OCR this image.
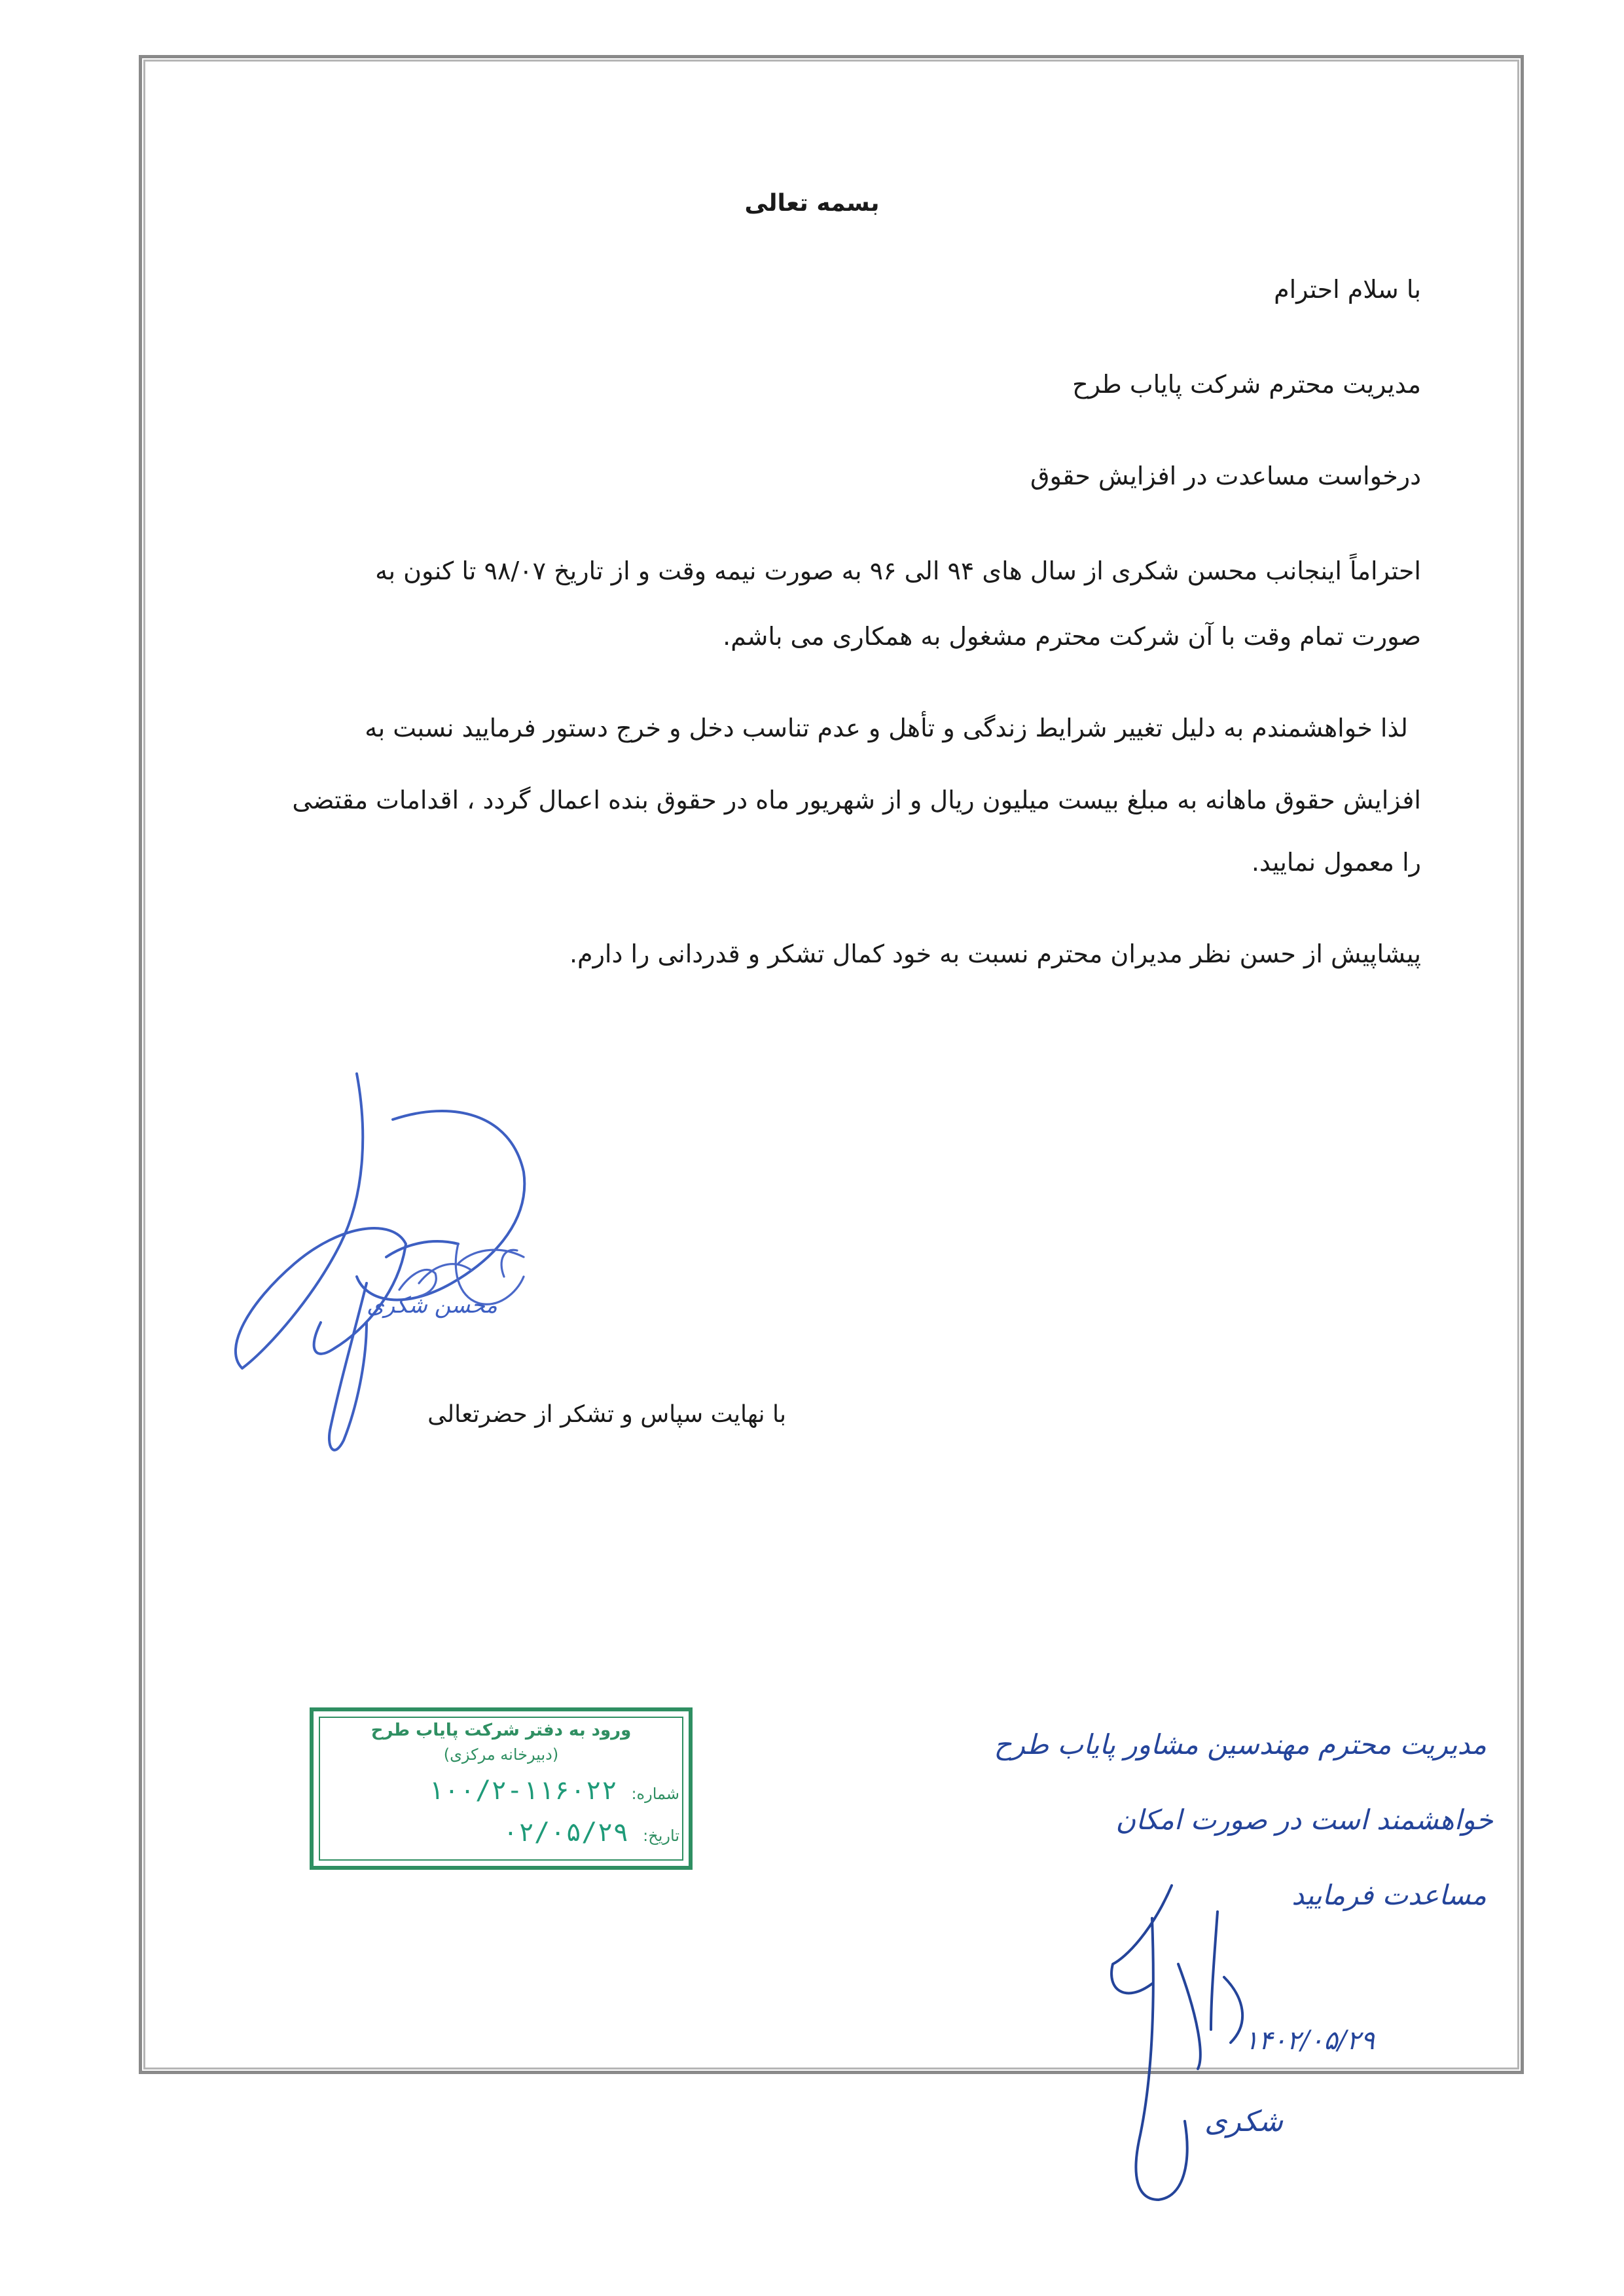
بسمه تعالی
با سلام احترام
مدیریت محترم شرکت پایاب طرح
درخواست مساعدت در افزایش حقوق
احتراماً اینجانب محسن شکری از سال های ۹۴ الی ۹۶ به صورت نیمه وقت و از تاریخ ۹۸/۰۷ تا کنون به
صورت تمام وقت با آن شرکت محترم مشغول به همکاری می باشم.
لذا خواهشمندم به دلیل تغییر شرایط زندگی و تأهل و عدم تناسب دخل و خرج دستور فرمایید نسبت به
افزایش حقوق ماهانه به مبلغ بیست میلیون ریال و از شهریور ماه در حقوق بنده اعمال گردد ، اقدامات مقتضی
را معمول نمایید.
پیشاپیش از حسن نظر مدیران محترم نسبت به خود کمال تشکر و قدردانی را دارم.
با نهایت سپاس و تشکر از حضرتعالی
محسن شکری
ورود به دفتر شرکت پایاب طرح
(دبیرخانه مرکزی)
شماره: ۱۰۰/۲-۱۱۶۰۲۲
تاریخ: ۰۲/۰۵/۲۹
مدیریت محترم مهندسین مشاور پایاب طرح
خواهشمند است در صورت امکان
مساعدت فرمایید
۱۴۰۲/۰۵/۲۹
شکری
